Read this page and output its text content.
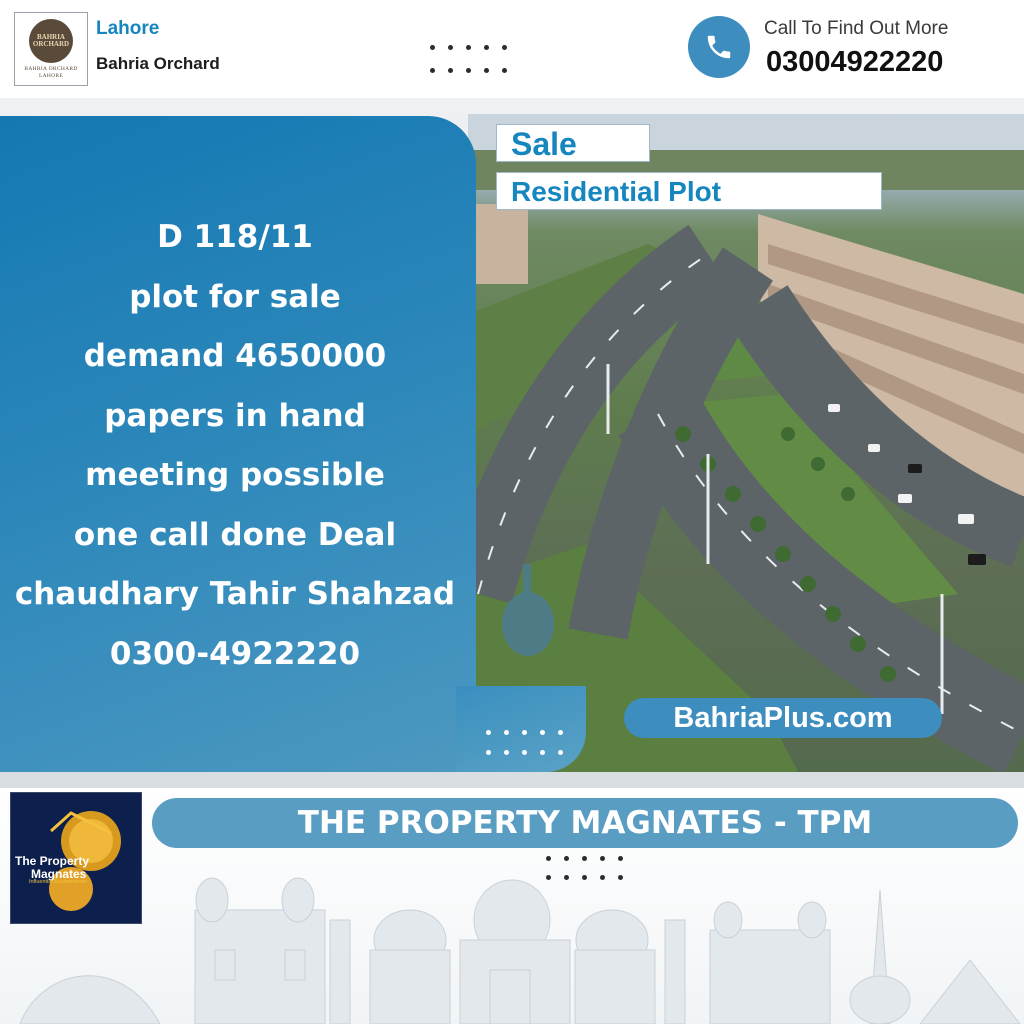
BAHRIA ORCHARD
BAHRIA ORCHARD
LAHORE
Lahore
Bahria Orchard
Call To Find Out More
03004922220
D 118/11
plot for sale
demand 4650000
papers in hand
meeting possible
one call done Deal
chaudhary Tahir Shahzad
0300-4922220
Sale
Residential Plot
BahriaPlus.com
The Property
Magnates
Influential Businessmen
THE PROPERTY MAGNATES - TPM
